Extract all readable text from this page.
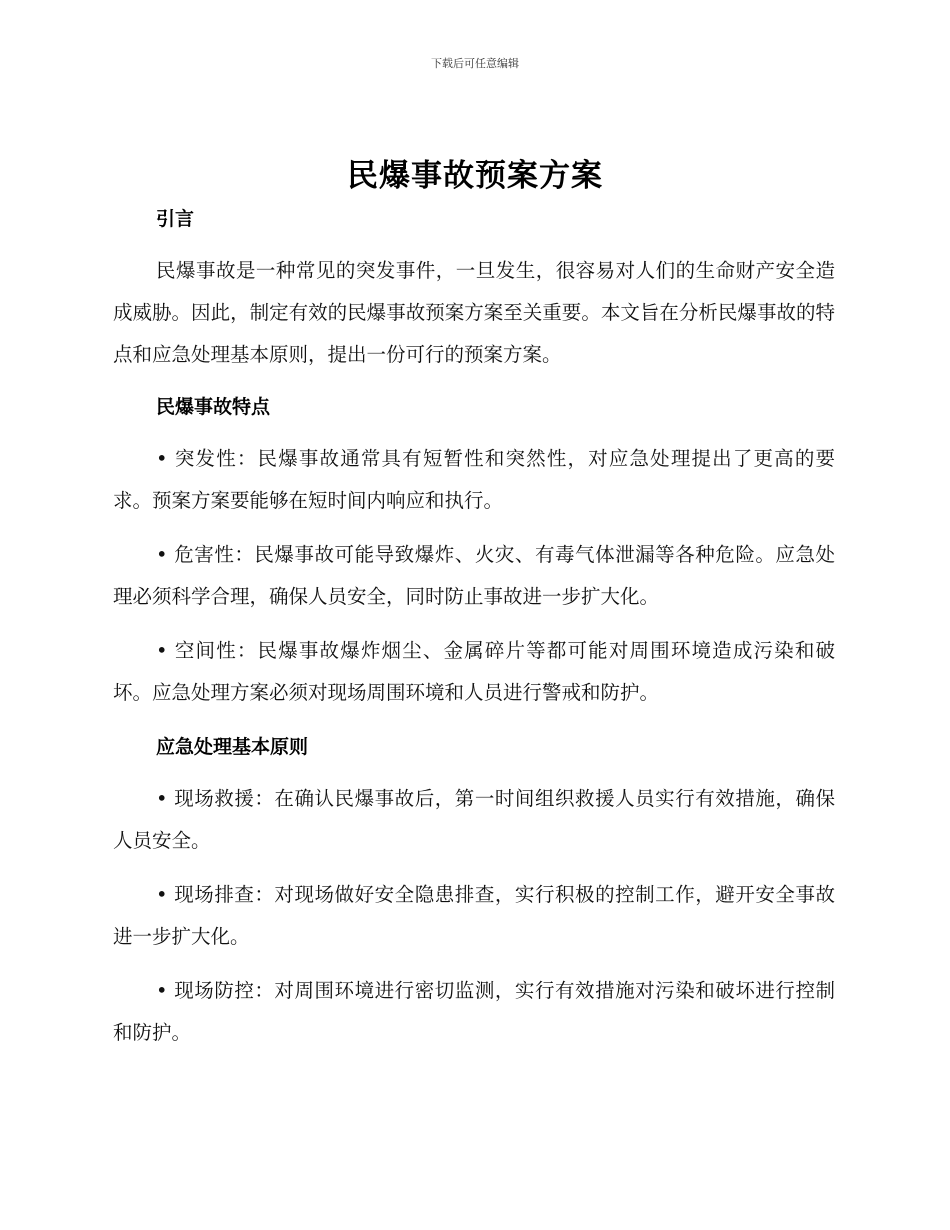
下载后可任意编辑
民爆事故预案方案
引言

民爆事故是一种常见的突发事件，一旦发生，很容易对人们的生命财产安全造成威胁。因此，制定有效的民爆事故预案方案至关重要。本文旨在分析民爆事故的特点和应急处理基本原则，提出一份可行的预案方案。

民爆事故特点

• 突发性：民爆事故通常具有短暂性和突然性，对应急处理提出了更高的要求。预案方案要能够在短时间内响应和执行。

• 危害性：民爆事故可能导致爆炸、火灾、有毒气体泄漏等各种危险。应急处理必须科学合理，确保人员安全，同时防止事故进一步扩大化。

• 空间性：民爆事故爆炸烟尘、金属碎片等都可能对周围环境造成污染和破坏。应急处理方案必须对现场周围环境和人员进行警戒和防护。

应急处理基本原则

• 现场救援：在确认民爆事故后，第一时间组织救援人员实行有效措施，确保人员安全。

• 现场排查：对现场做好安全隐患排查，实行积极的控制工作，避开安全事故进一步扩大化。

• 现场防控：对周围环境进行密切监测，实行有效措施对污染和破坏进行控制和防护。
